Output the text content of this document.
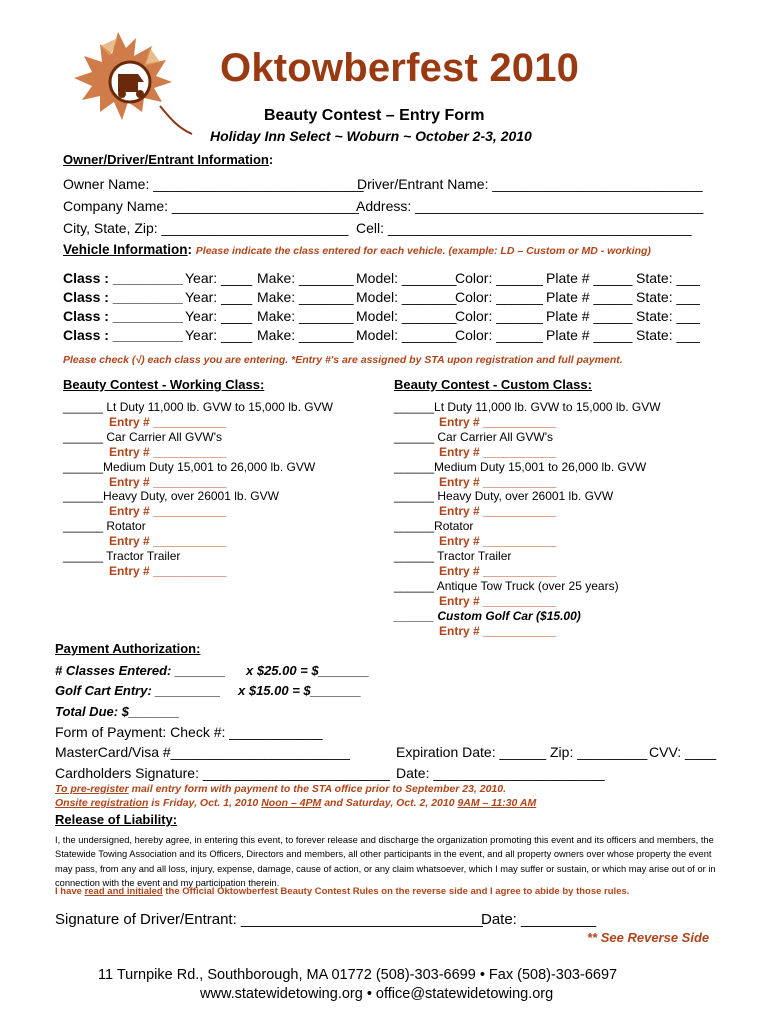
Oktowberfest 2010
Beauty Contest – Entry Form
Holiday Inn Select ~ Woburn ~ October 2-3, 2010
Owner/Driver/Entrant Information:
Owner Name: ___________________________
Driver/Entrant Name: ___________________________
Company Name: ________________________
Address: _____________________________________
City, State, Zip: ________________________ Cell: _______________________________________
Vehicle Information: Please indicate the class entered for each vehicle. (example: LD – Custom or MD - working)
Class : _________ Year: ____ Make: _______ Model: _______
Color: ______ Plate # _____ State: ___
Class : _________ Year: ____ Make: _______ Model: _______
Color: ______ Plate # _____ State: ___
Class : _________ Year: ____ Make: _______ Model: _______
Color: ______ Plate # _____ State: ___
Class : _________ Year: ____ Make: _______ Model: _______
Color: ______ Plate # _____ State: ___
Please check (√) each class you are entering. *Entry #'s are assigned by STA upon registration and full payment.
Beauty Contest - Working Class:
______ Lt Duty 11,000 lb. GVW to 15,000 lb. GVW
Entry # ___________
______ Car Carrier All GVW's
Entry # ___________
______Medium Duty 15,001 to 26,000 lb. GVW
Entry # ___________
______Heavy Duty, over 26001 lb. GVW
Entry # ___________
______ Rotator
Entry # ___________
______ Tractor Trailer
Entry # ___________
Beauty Contest - Custom Class:
______Lt Duty 11,000 lb. GVW to 15,000 lb. GVW
Entry # ___________
______ Car Carrier All GVW's
Entry # ___________
______Medium Duty 15,001 to 26,000 lb. GVW
Entry # ___________
______ Heavy Duty, over 26001 lb. GVW
Entry # ___________
______Rotator
Entry # ___________
______ Tractor Trailer
Entry # ___________
______ Antique Tow Truck (over 25 years)
Entry # ___________
______ Custom Golf Car ($15.00)
Entry # ___________
Payment Authorization:
# Classes Entered: _______ x $25.00 = $_______
Golf Cart Entry: _________ x $15.00 = $_______
Total Due: $_______
Form of Payment: Check #: ____________
MasterCard/Visa #_______________________	Expiration Date: ______ Zip: _________ CVV: ____
Cardholders Signature: ________________________ Date: ______________________
To pre-register mail entry form with payment to the STA office prior to September 23, 2010.
Onsite registration is Friday, Oct. 1, 2010 Noon – 4PM and Saturday, Oct. 2, 2010 9AM – 11:30 AM
Release of Liability:
I, the undersigned, hereby agree, in entering this event, to forever release and discharge the organization promoting this event and its officers and members, the Statewide Towing Association and its Officers, Directors and members, all other participants in the event, and all property owners over whose property the event may pass, from any and all loss, injury, expense, damage, cause of action, or any claim whatsoever, which I may suffer or sustain, or which may arise out of or in connection with the event and my participation therein.
I have read and initialed the Official Oktowberfest Beauty Contest Rules on the reverse side and I agree to abide by those rules.
Signature of Driver/Entrant: _____________________________
Date: _________
** See Reverse Side
11 Turnpike Rd., Southborough, MA 01772 (508)-303-6699 • Fax (508)-303-6697
www.statewidetowing.org • office@statewidetowing.org
